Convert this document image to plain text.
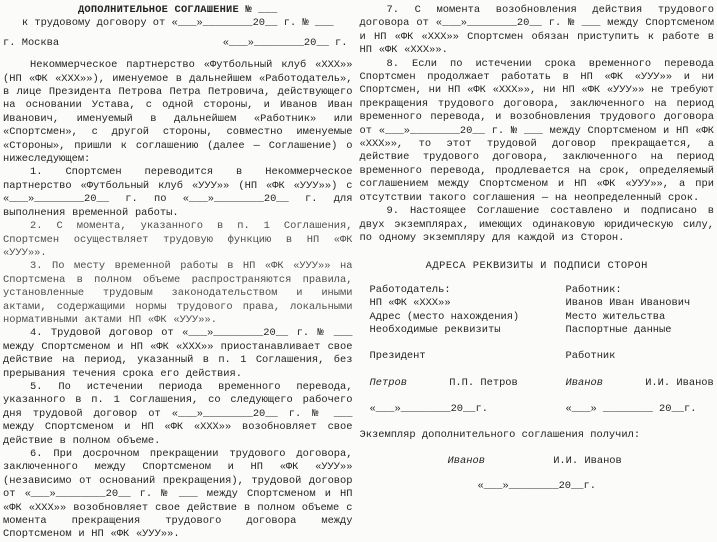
ДОПОЛНИТЕЛЬНОЕ СОГЛАШЕНИЕ № ___
к трудовому договору от «___»________20__ г. № ___
г. Москва	«___»________20__ г.

Некоммерческое партнерство «Футбольный клуб «ХХХ»» (НП «ФК «ХХХ»»), именуемое в дальнейшем «Работодатель», в лице Президента Петрова Петра Петровича, действующего на основании Устава, с одной стороны, и Иванов Иван Иванович, именуемый в дальнейшем «Работник» или «Спортсмен», с другой стороны, совместно именуемые «Стороны», пришли к соглашению (далее — Соглашение) о нижеследующем:

1. Спортсмен переводится в Некоммерческое партнерство «Футбольный клуб «УУУ»» (НП «ФК «УУУ»») с «___»________20__ г. по «___»________20__ г. для выполнения временной работы.

2. С момента, указанного в п. 1 Соглашения, Спортсмен осуществляет трудовую функцию в НП «ФК «УУУ»».

3. По месту временной работы в НП «ФК «УУУ»» на Спортсмена в полном объеме распространяются правила, установленные трудовым законодательством и иными актами, содержащими нормы трудового права, локальными нормативными актами НП «ФК «УУУ»».

4. Трудовой договор от «___»________20__ г. № ___ между Спортсменом и НП «ФК «ХХХ»» приостанавливает свое действие на период, указанный в п. 1 Соглашения, без прерывания течения срока его действия.

5. По истечении периода временного перевода, указанного в п. 1 Соглашения, со следующего рабочего дня трудовой договор от «___»________20__ г. № ___ между Спортсменом и НП «ФК «ХХХ»» возобновляет свое действие в полном объеме.

6. При досрочном прекращении трудового договора, заключенного между Спортсменом и НП «ФК «УУУ»» (независимо от оснований прекращения), трудовой договор от «___»________20__ г. № ___ между Спортсменом и НП «ФК «ХХХ»» возобновляет свое действие в полном объеме с момента прекращения трудового договора между Спортсменом и НП «ФК «УУУ»».

7. С момента возобновления действия трудового договора от «___»________20__ г. № ___ между Спортсменом и НП «ФК «ХХХ»» Спортсмен обязан приступить к работе в НП «ФК «ХХХ»».

8. Если по истечении срока временного перевода Спортсмен продолжает работать в НП «ФК «УУУ»» и ни Спортсмен, ни НП «ФК «ХХХ»», ни НП «ФК «УУУ»» не требуют прекращения трудового договора, заключенного на период временного перевода, и возобновления трудового договора от «___»________20__ г. № ___ между Спортсменом и НП «ФК «ХХХ»», то этот трудовой договор прекращается, а действие трудового договора, заключенного на период временного перевода, продлевается на срок, определяемый соглашением между Спортсменом и НП «ФК «УУУ»», а при отсутствии такого соглашения — на неопределенный срок.

9. Настоящее Соглашение составлено и подписано в двух экземплярах, имеющих одинаковую юридическую силу, по одному экземпляру для каждой из Сторон.

АДРЕСА РЕКВИЗИТЫ И ПОДПИСИ СТОРОН
Работодатель:	Работник:
НП «ФК «ХХХ»»	Иванов Иван Иванович
Адрес (место нахождения)	Место жительства
Необходимые реквизиты	Паспортные данные
Президент	Работник
Петров	П.П. Петров	Иванов	И.И. Иванов
«___»________20__г.	«___» ________ 20__г.
Экземпляр дополнительного соглашения получил:
Иванов	И.И. Иванов
«___»________20__г.
